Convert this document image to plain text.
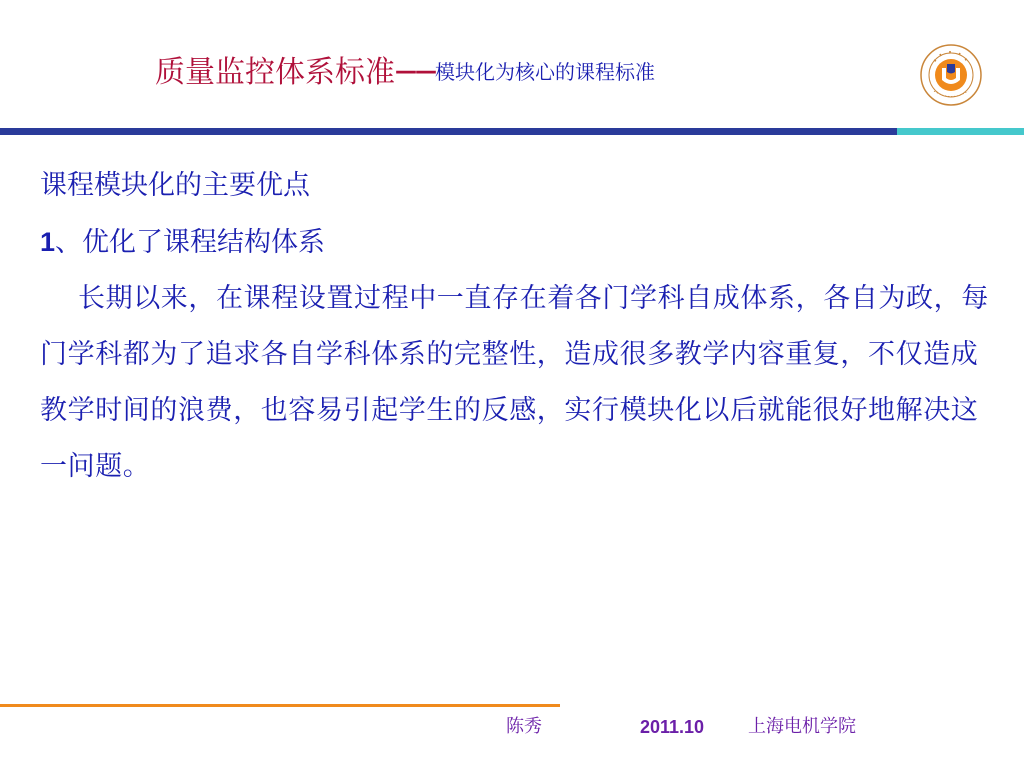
质量监控体系标准——模块化为核心的课程标准

课程模块化的主要优点

1、优化了课程结构体系

长期以来，在课程设置过程中一直存在着各门学科自成体系，各自为政，每门学科都为了追求各自学科体系的完整性，造成很多教学内容重复，不仅造成教学时间的浪费，也容易引起学生的反感，实行模块化以后就能很好地解决这一问题。

陈秀	2011.10 上海电机学院
